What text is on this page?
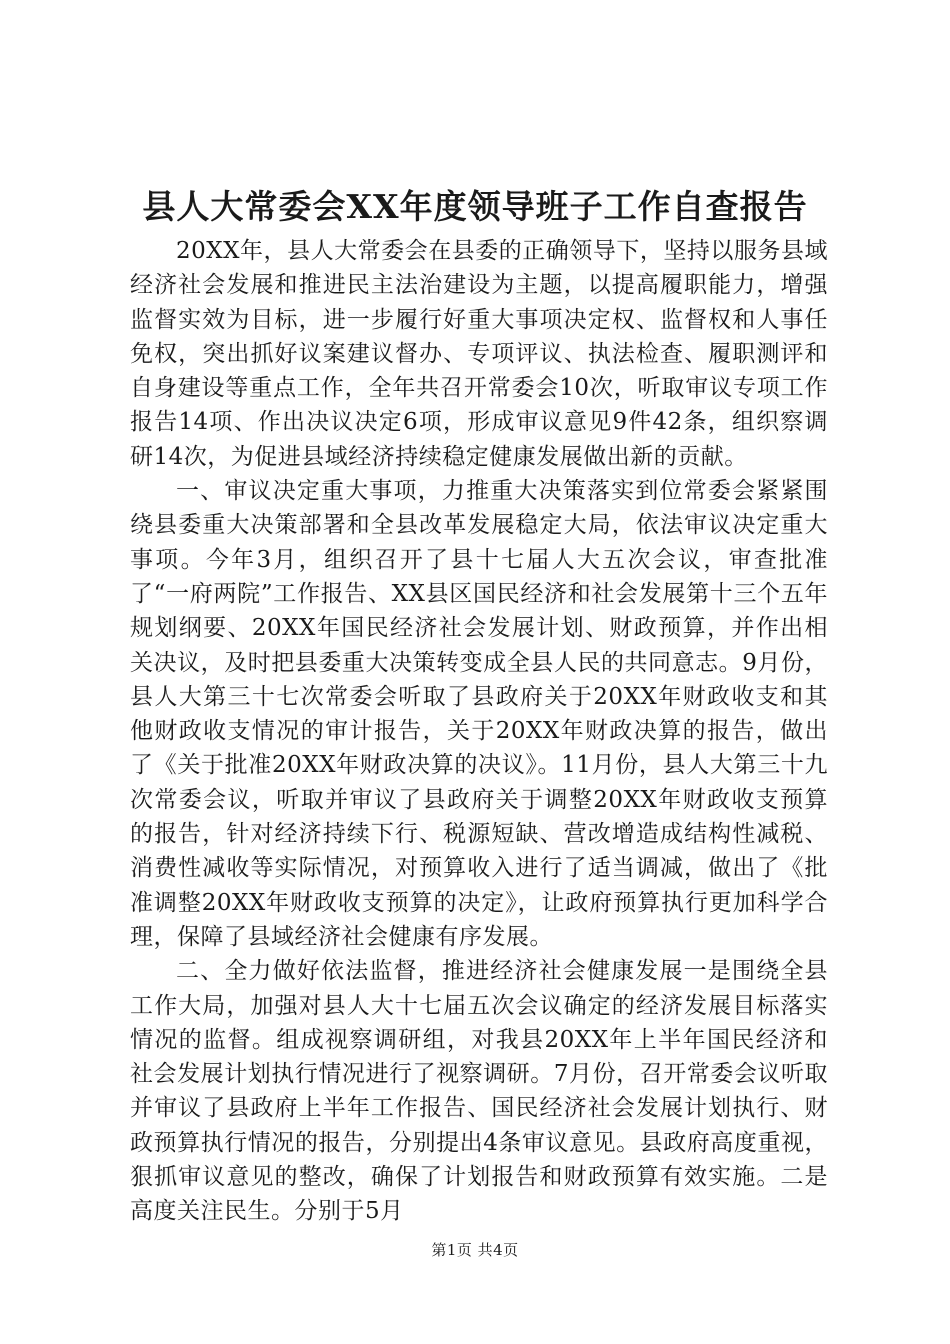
县人大常委会XX年度领导班子工作自查报告

20XX年，县人大常委会在县委的正确领导下，坚持以服务县域经济社会发展和推进民主法治建设为主题，以提高履职能力，增强监督实效为目标，进一步履行好重大事项决定权、监督权和人事任免权，突出抓好议案建议督办、专项评议、执法检查、履职测评和自身建设等重点工作，全年共召开常委会10次，听取审议专项工作报告14项、作出决议决定6项，形成审议意见9件42条，组织察调研14次，为促进县域经济持续稳定健康发展做出新的贡献。

一、审议决定重大事项，力推重大决策落实到位常委会紧紧围绕县委重大决策部署和全县改革发展稳定大局，依法审议决定重大事项。今年3月，组织召开了县十七届人大五次会议，审查批准了“一府两院”工作报告、XX县区国民经济和社会发展第十三个五年规划纲要、20XX年国民经济社会发展计划、财政预算，并作出相关决议，及时把县委重大决策转变成全县人民的共同意志。9月份，县人大第三十七次常委会听取了县政府关于20XX年财政收支和其他财政收支情况的审计报告，关于20XX年财政决算的报告，做出了《关于批准20XX年财政决算的决议》。11月份，县人大第三十九次常委会议，听取并审议了县政府关于调整20XX年财政收支预算的报告，针对经济持续下行、税源短缺、营改增造成结构性减税、消费性减收等实际情况，对预算收入进行了适当调减，做出了《批准调整20XX年财政收支预算的决定》，让政府预算执行更加科学合理，保障了县域经济社会健康有序发展。

二、全力做好依法监督，推进经济社会健康发展一是围绕全县工作大局，加强对县人大十七届五次会议确定的经济发展目标落实情况的监督。组成视察调研组，对我县20XX年上半年国民经济和社会发展计划执行情况进行了视察调研。7月份，召开常委会议听取并审议了县政府上半年工作报告、国民经济社会发展计划执行、财政预算执行情况的报告，分别提出4条审议意见。县政府高度重视，狠抓审议意见的整改，确保了计划报告和财政预算有效实施。二是高度关注民生。分别于5月

第1页 共4页
